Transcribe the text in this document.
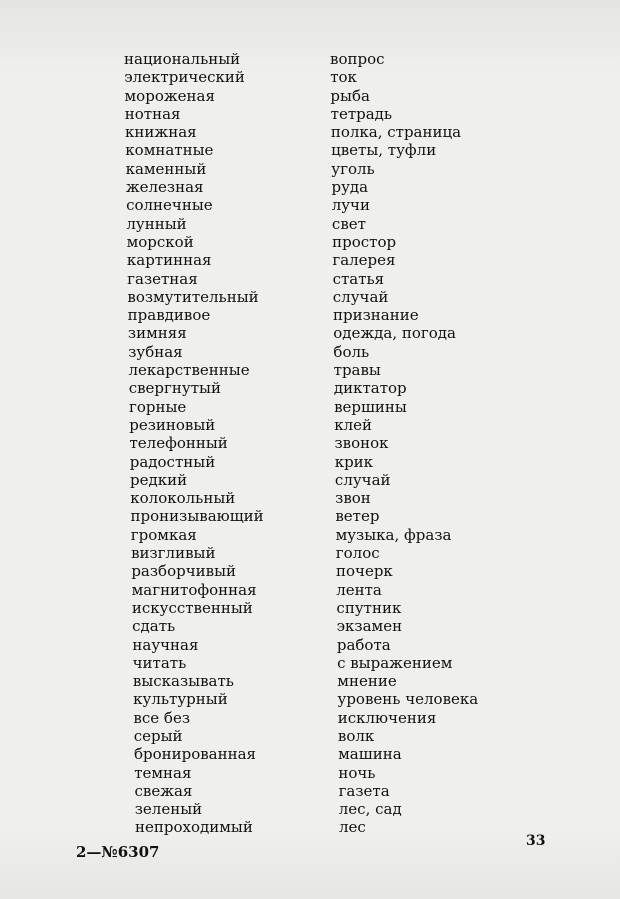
национальный	вопрос
электрический	ток
мороженая	рыба
нотная	тетрадь
книжная	полка, страница
комнатные	цветы, туфли
каменный	уголь
железная	руда
солнечные	лучи
лунный	свет
морской	простор
картинная	галерея
газетная	статья
возмутительный	случай
правдивое	признание
зимняя	одежда, погода
зубная	боль
лекарственные	травы
свергнутый	диктатор
горные	вершины
резиновый	клей
телефонный	звонок
радостный	крик
редкий	случай
колокольный	звон
пронизывающий	ветер
громкая	музыка, фраза
визгливый	голос
разборчивый	почерк
магнитофонная	лента
искусственный	спутник
сдать	экзамен
научная	работа
читать	с выражением
высказывать	мнение
культурный	уровень человека
все без	исключения
серый	волк
бронированная	машина
темная	ночь
свежая	газета
зеленый	лес, сад
непроходимый	лес
2—№6307
33
